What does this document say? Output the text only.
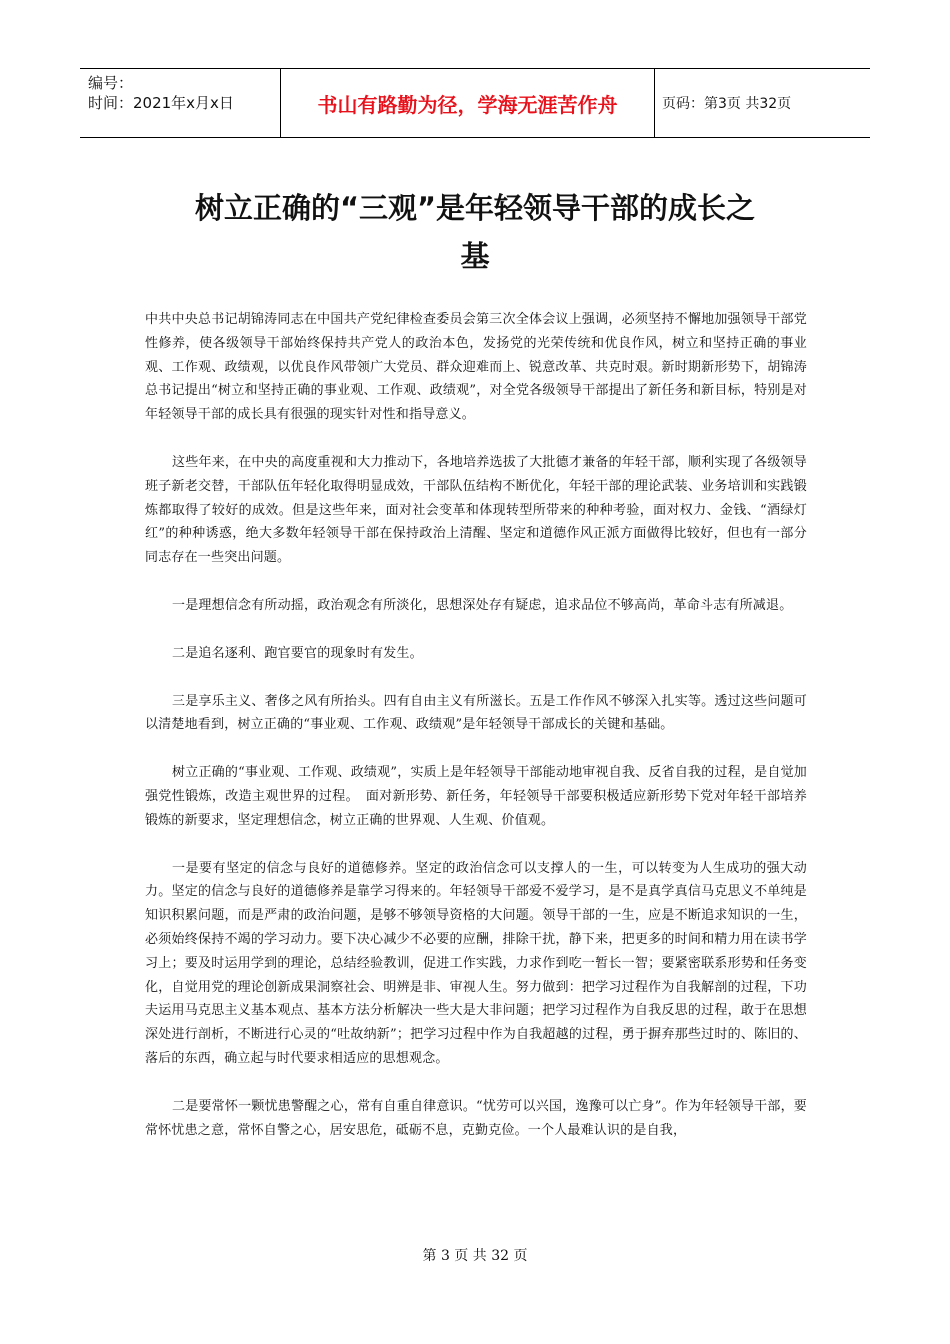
编号：
时间：2021年x月x日	书山有路勤为径，学海无涯苦作舟	页码：第3页 共32页
树立正确的“三观”是年轻领导干部的成长之
基

中共中央总书记胡锦涛同志在中国共产党纪律检查委员会第三次全体会议上强调，必须坚持不懈地加强领导干部党性修养，使各级领导干部始终保持共产党人的政治本色，发扬党的光荣传统和优良作风，树立和坚持正确的事业观、工作观、政绩观，以优良作风带领广大党员、群众迎难而上、锐意改革、共克时艰。新时期新形势下，胡锦涛总书记提出“树立和坚持正确的事业观、工作观、政绩观”，对全党各级领导干部提出了新任务和新目标，特别是对年轻领导干部的成长具有很强的现实针对性和指导意义。

这些年来，在中央的高度重视和大力推动下，各地培养选拔了大批德才兼备的年轻干部，顺利实现了各级领导班子新老交替，干部队伍年轻化取得明显成效，干部队伍结构不断优化，年轻干部的理论武装、业务培训和实践锻炼都取得了较好的成效。但是这些年来，面对社会变革和体现转型所带来的种种考验，面对权力、金钱、“酒绿灯红”的种种诱惑，绝大多数年轻领导干部在保持政治上清醒、坚定和道德作风正派方面做得比较好，但也有一部分同志存在一些突出问题。

一是理想信念有所动摇，政治观念有所淡化，思想深处存有疑虑，追求品位不够高尚，革命斗志有所减退。

二是追名逐利、跑官要官的现象时有发生。

三是享乐主义、奢侈之风有所抬头。四有自由主义有所滋长。五是工作作风不够深入扎实等。透过这些问题可以清楚地看到，树立正确的“事业观、工作观、政绩观”是年轻领导干部成长的关键和基础。

树立正确的“事业观、工作观、政绩观”，实质上是年轻领导干部能动地审视自我、反省自我的过程，是自觉加强党性锻炼，改造主观世界的过程。　面对新形势、新任务，年轻领导干部要积极适应新形势下党对年轻干部培养锻炼的新要求，坚定理想信念，树立正确的世界观、人生观、价值观。

一是要有坚定的信念与良好的道德修养。坚定的政治信念可以支撑人的一生，可以转变为人生成功的强大动力。坚定的信念与良好的道德修养是靠学习得来的。年轻领导干部爱不爱学习，是不是真学真信马克思义不单纯是知识积累问题，而是严肃的政治问题，是够不够领导资格的大问题。领导干部的一生，应是不断追求知识的一生，必须始终保持不竭的学习动力。要下决心减少不必要的应酬，排除干扰，静下来，把更多的时间和精力用在读书学习上；要及时运用学到的理论，总结经验教训，促进工作实践，力求作到吃一暂长一智；要紧密联系形势和任务变化，自觉用党的理论创新成果洞察社会、明辨是非、审视人生。努力做到：把学习过程作为自我解剖的过程，下功夫运用马克思主义基本观点、基本方法分析解决一些大是大非问题；把学习过程作为自我反思的过程，敢于在思想深处进行剖析，不断进行心灵的“吐故纳新”；把学习过程中作为自我超越的过程，勇于摒弃那些过时的、陈旧的、落后的东西，确立起与时代要求相适应的思想观念。

二是要常怀一颗忧患警醒之心，常有自重自律意识。“忧劳可以兴国，逸豫可以亡身”。作为年轻领导干部，要常怀忧患之意，常怀自警之心，居安思危，砥砺不息，克勤克俭。一个人最难认识的是自我，

第 3 页 共 32 页
